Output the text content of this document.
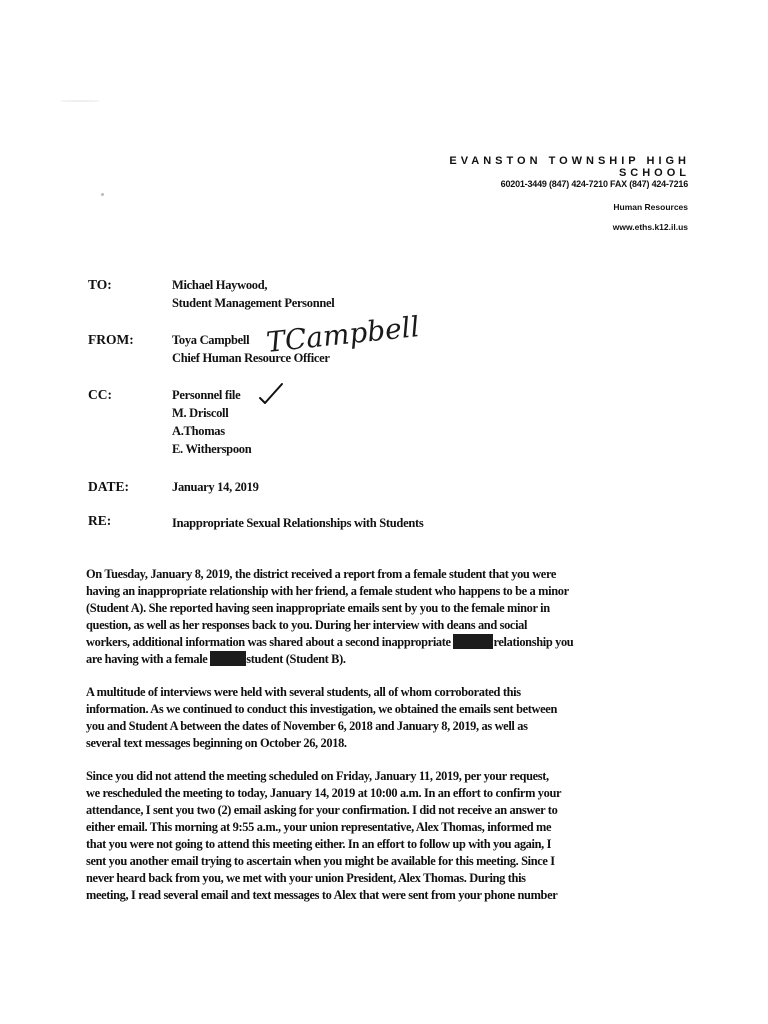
EVANSTON TOWNSHIP HIGH SCHOOL
60201-3449 (847) 424-7210 FAX (847) 424-7216
Human Resources
www.eths.k12.il.us
TO:	Michael Haywood,
Student Management Personnel
FROM:	Toya Campbell
Chief Human Resource Officer
TCampbell
CC:	Personnel file
M. Driscoll
A.Thomas
E. Witherspoon
DATE:	January 14, 2019
RE:	Inappropriate Sexual Relationships with Students
On Tuesday, January 8, 2019, the district received a report from a female student that you were
having an inappropriate relationship with her friend, a female student who happens to be a minor
(Student A). She reported having seen inappropriate emails sent by you to the female minor in
question, as well as her responses back to you. During her interview with deans and social
workers, additional information was shared about a second inappropriate	relationship you
are having with a female	student (Student B).
A multitude of interviews were held with several students, all of whom corroborated this
information. As we continued to conduct this investigation, we obtained the emails sent between
you and Student A between the dates of November 6, 2018 and January 8, 2019, as well as
several text messages beginning on October 26, 2018.
Since you did not attend the meeting scheduled on Friday, January 11, 2019, per your request,
we rescheduled the meeting to today, January 14, 2019 at 10:00 a.m. In an effort to confirm your
attendance, I sent you two (2) email asking for your confirmation. I did not receive an answer to
either email. This morning at 9:55 a.m., your union representative, Alex Thomas, informed me
that you were not going to attend this meeting either. In an effort to follow up with you again, I
sent you another email trying to ascertain when you might be available for this meeting. Since I
never heard back from you, we met with your union President, Alex Thomas. During this
meeting, I read several email and text messages to Alex that were sent from your phone number
